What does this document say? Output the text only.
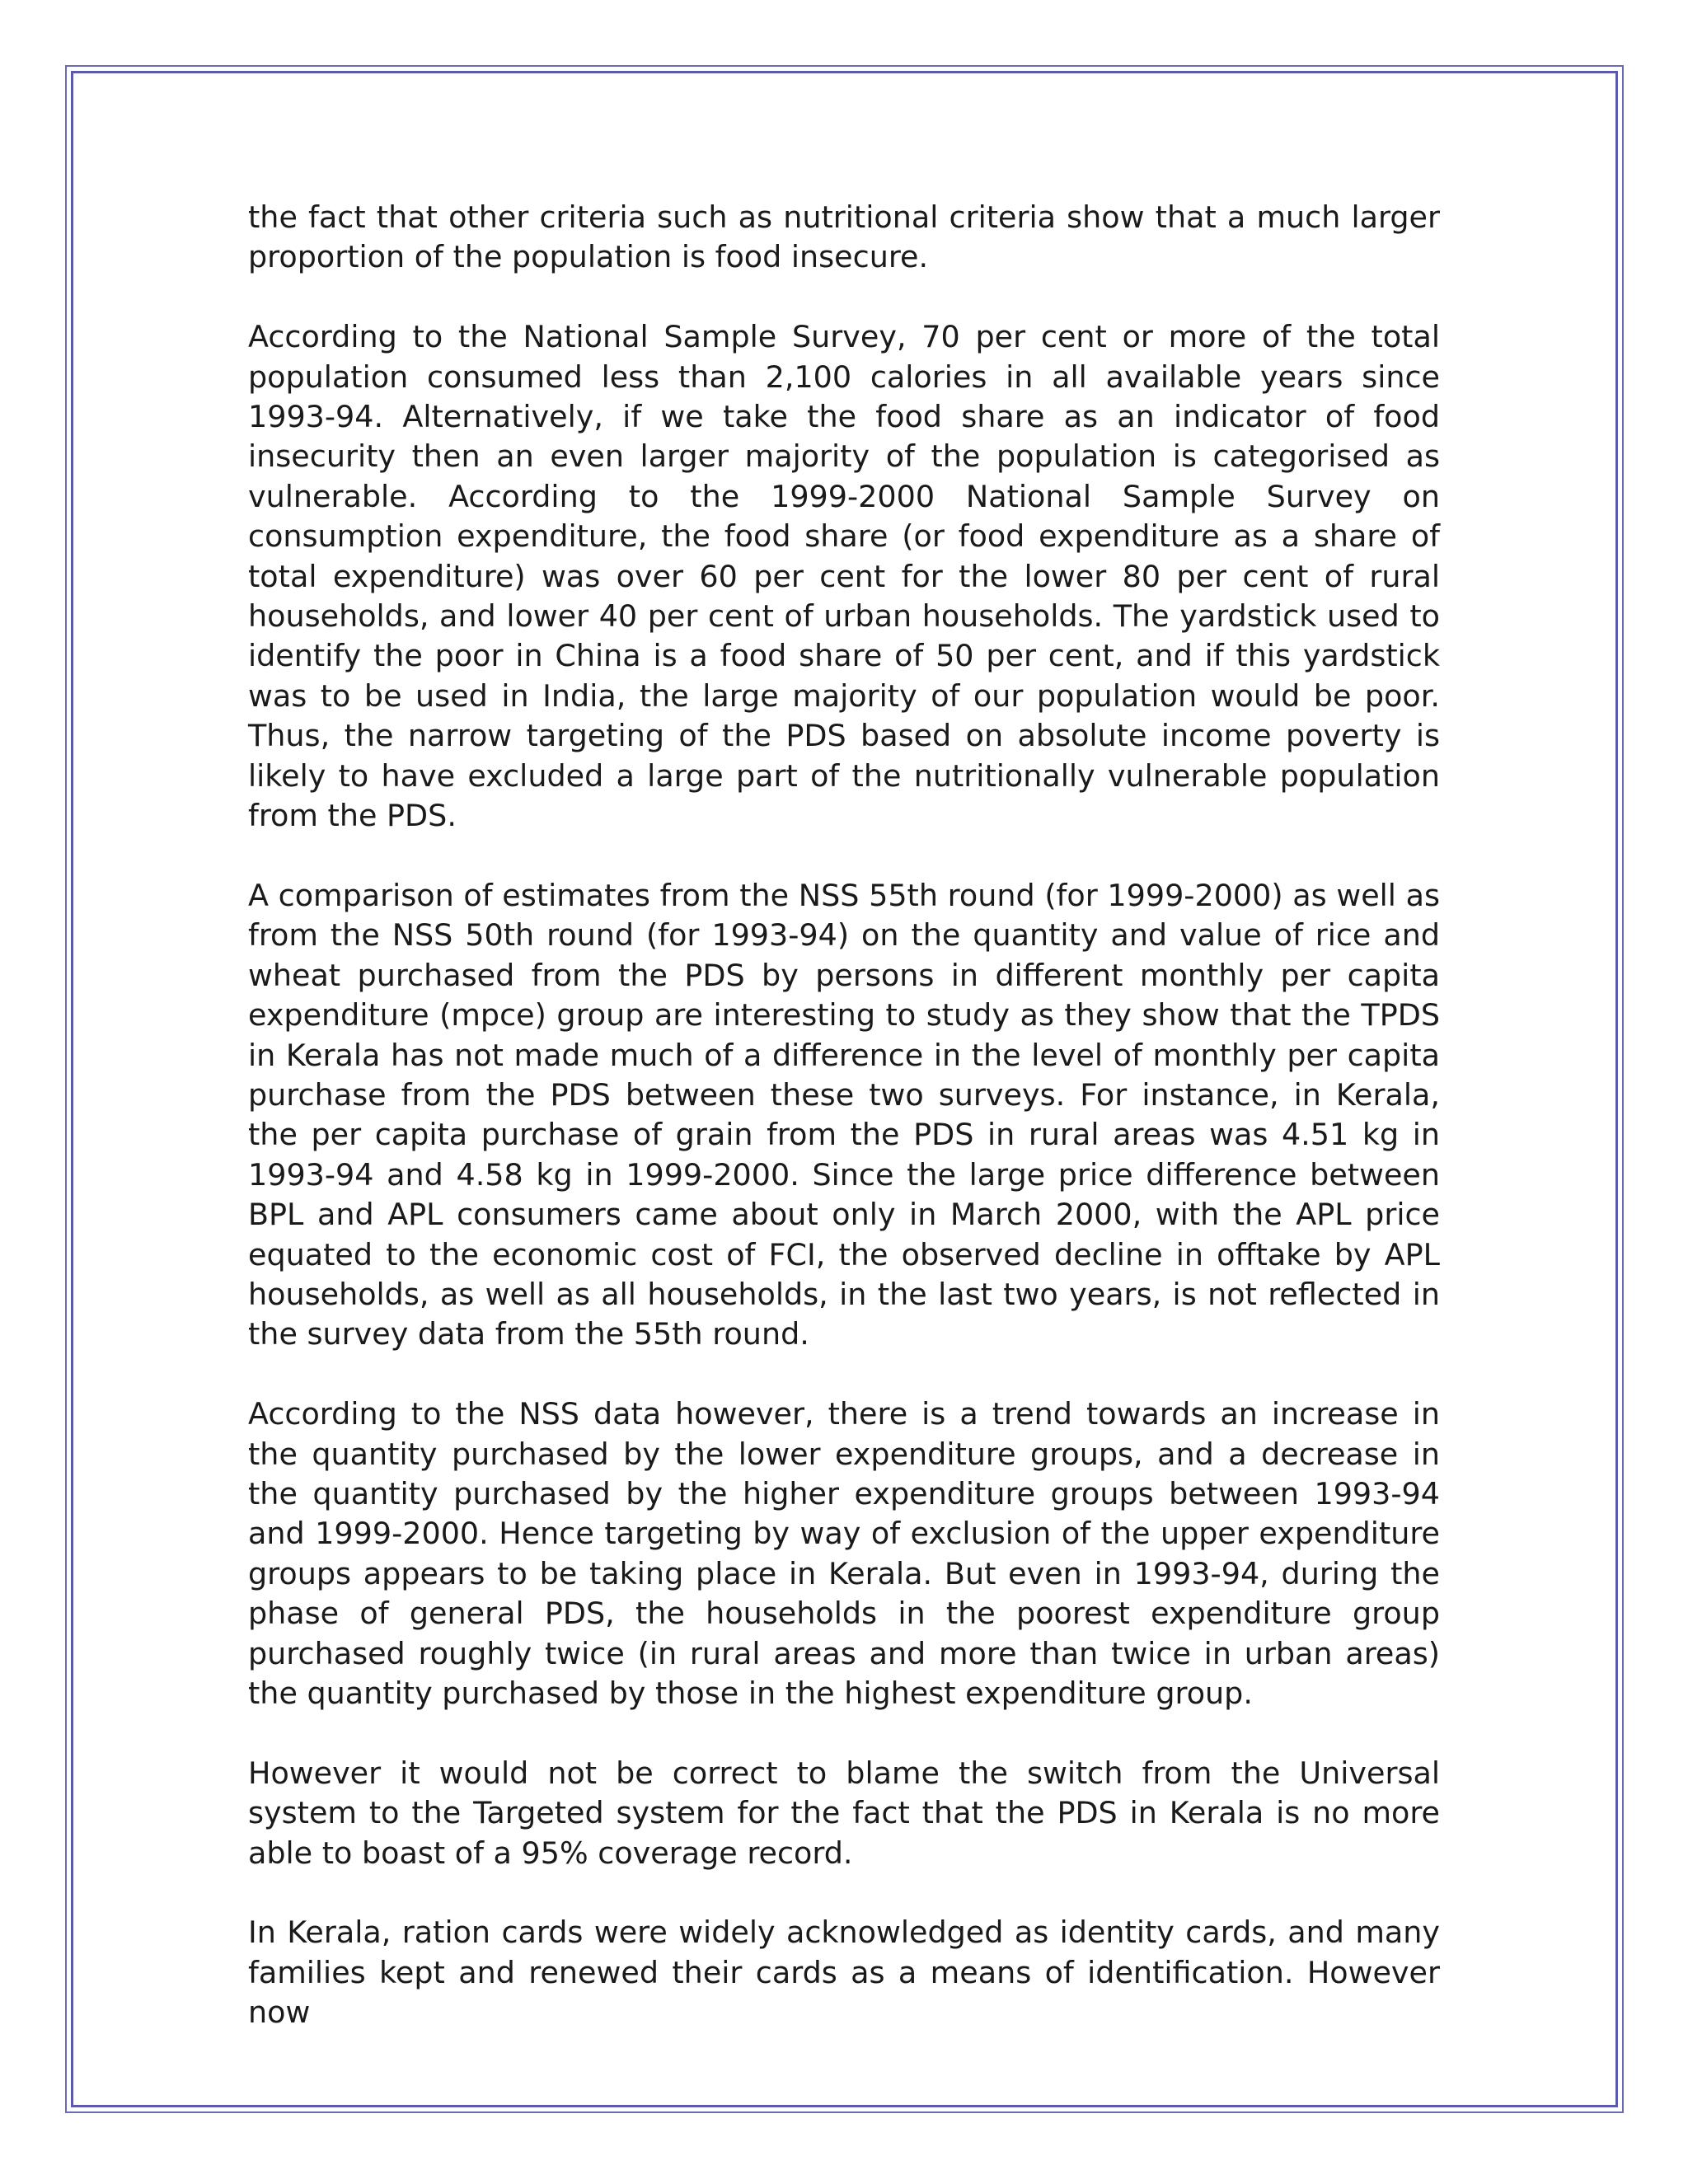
the fact that other criteria such as nutritional criteria show that a much larger proportion of the population is food insecure.

According to the National Sample Survey, 70 per cent or more of the total population consumed less than 2,100 calories in all available years since 1993-94. Alternatively, if we take the food share as an indicator of food insecurity then an even larger majority of the population is categorised as vulnerable. According to the 1999-2000 National Sample Survey on consumption expenditure, the food share (or food expenditure as a share of total expenditure) was over 60 per cent for the lower 80 per cent of rural households, and lower 40 per cent of urban households. The yardstick used to identify the poor in China is a food share of 50 per cent, and if this yardstick was to be used in India, the large majority of our population would be poor. Thus, the narrow targeting of the PDS based on absolute income poverty is likely to have excluded a large part of the nutritionally vulnerable population from the PDS.

A comparison of estimates from the NSS 55th round (for 1999-2000) as well as from the NSS 50th round (for 1993-94) on the quantity and value of rice and wheat purchased from the PDS by persons in different monthly per capita expenditure (mpce) group are interesting to study as they show that the TPDS in Kerala has not made much of a difference in the level of monthly per capita purchase from the PDS between these two surveys. For instance, in Kerala, the per capita purchase of grain from the PDS in rural areas was 4.51 kg in 1993-94 and 4.58 kg in 1999-2000. Since the large price difference between BPL and APL consumers came about only in March 2000, with the APL price equated to the economic cost of FCI, the observed decline in offtake by APL households, as well as all households, in the last two years, is not reflected in the survey data from the 55th round.

According to the NSS data however, there is a trend towards an increase in the quantity purchased by the lower expenditure groups, and a decrease in the quantity purchased by the higher expenditure groups between 1993-94 and 1999-2000. Hence targeting by way of exclusion of the upper expenditure groups appears to be taking place in Kerala. But even in 1993-94, during the phase of general PDS, the households in the poorest expenditure group purchased roughly twice (in rural areas and more than twice in urban areas) the quantity purchased by those in the highest expenditure group.

However it would not be correct to blame the switch from the Universal system to the Targeted system for the fact that the PDS in Kerala is no more able to boast of a 95% coverage record.

In Kerala, ration cards were widely acknowledged as identity cards, and many families kept and renewed their cards as a means of identification. However now
